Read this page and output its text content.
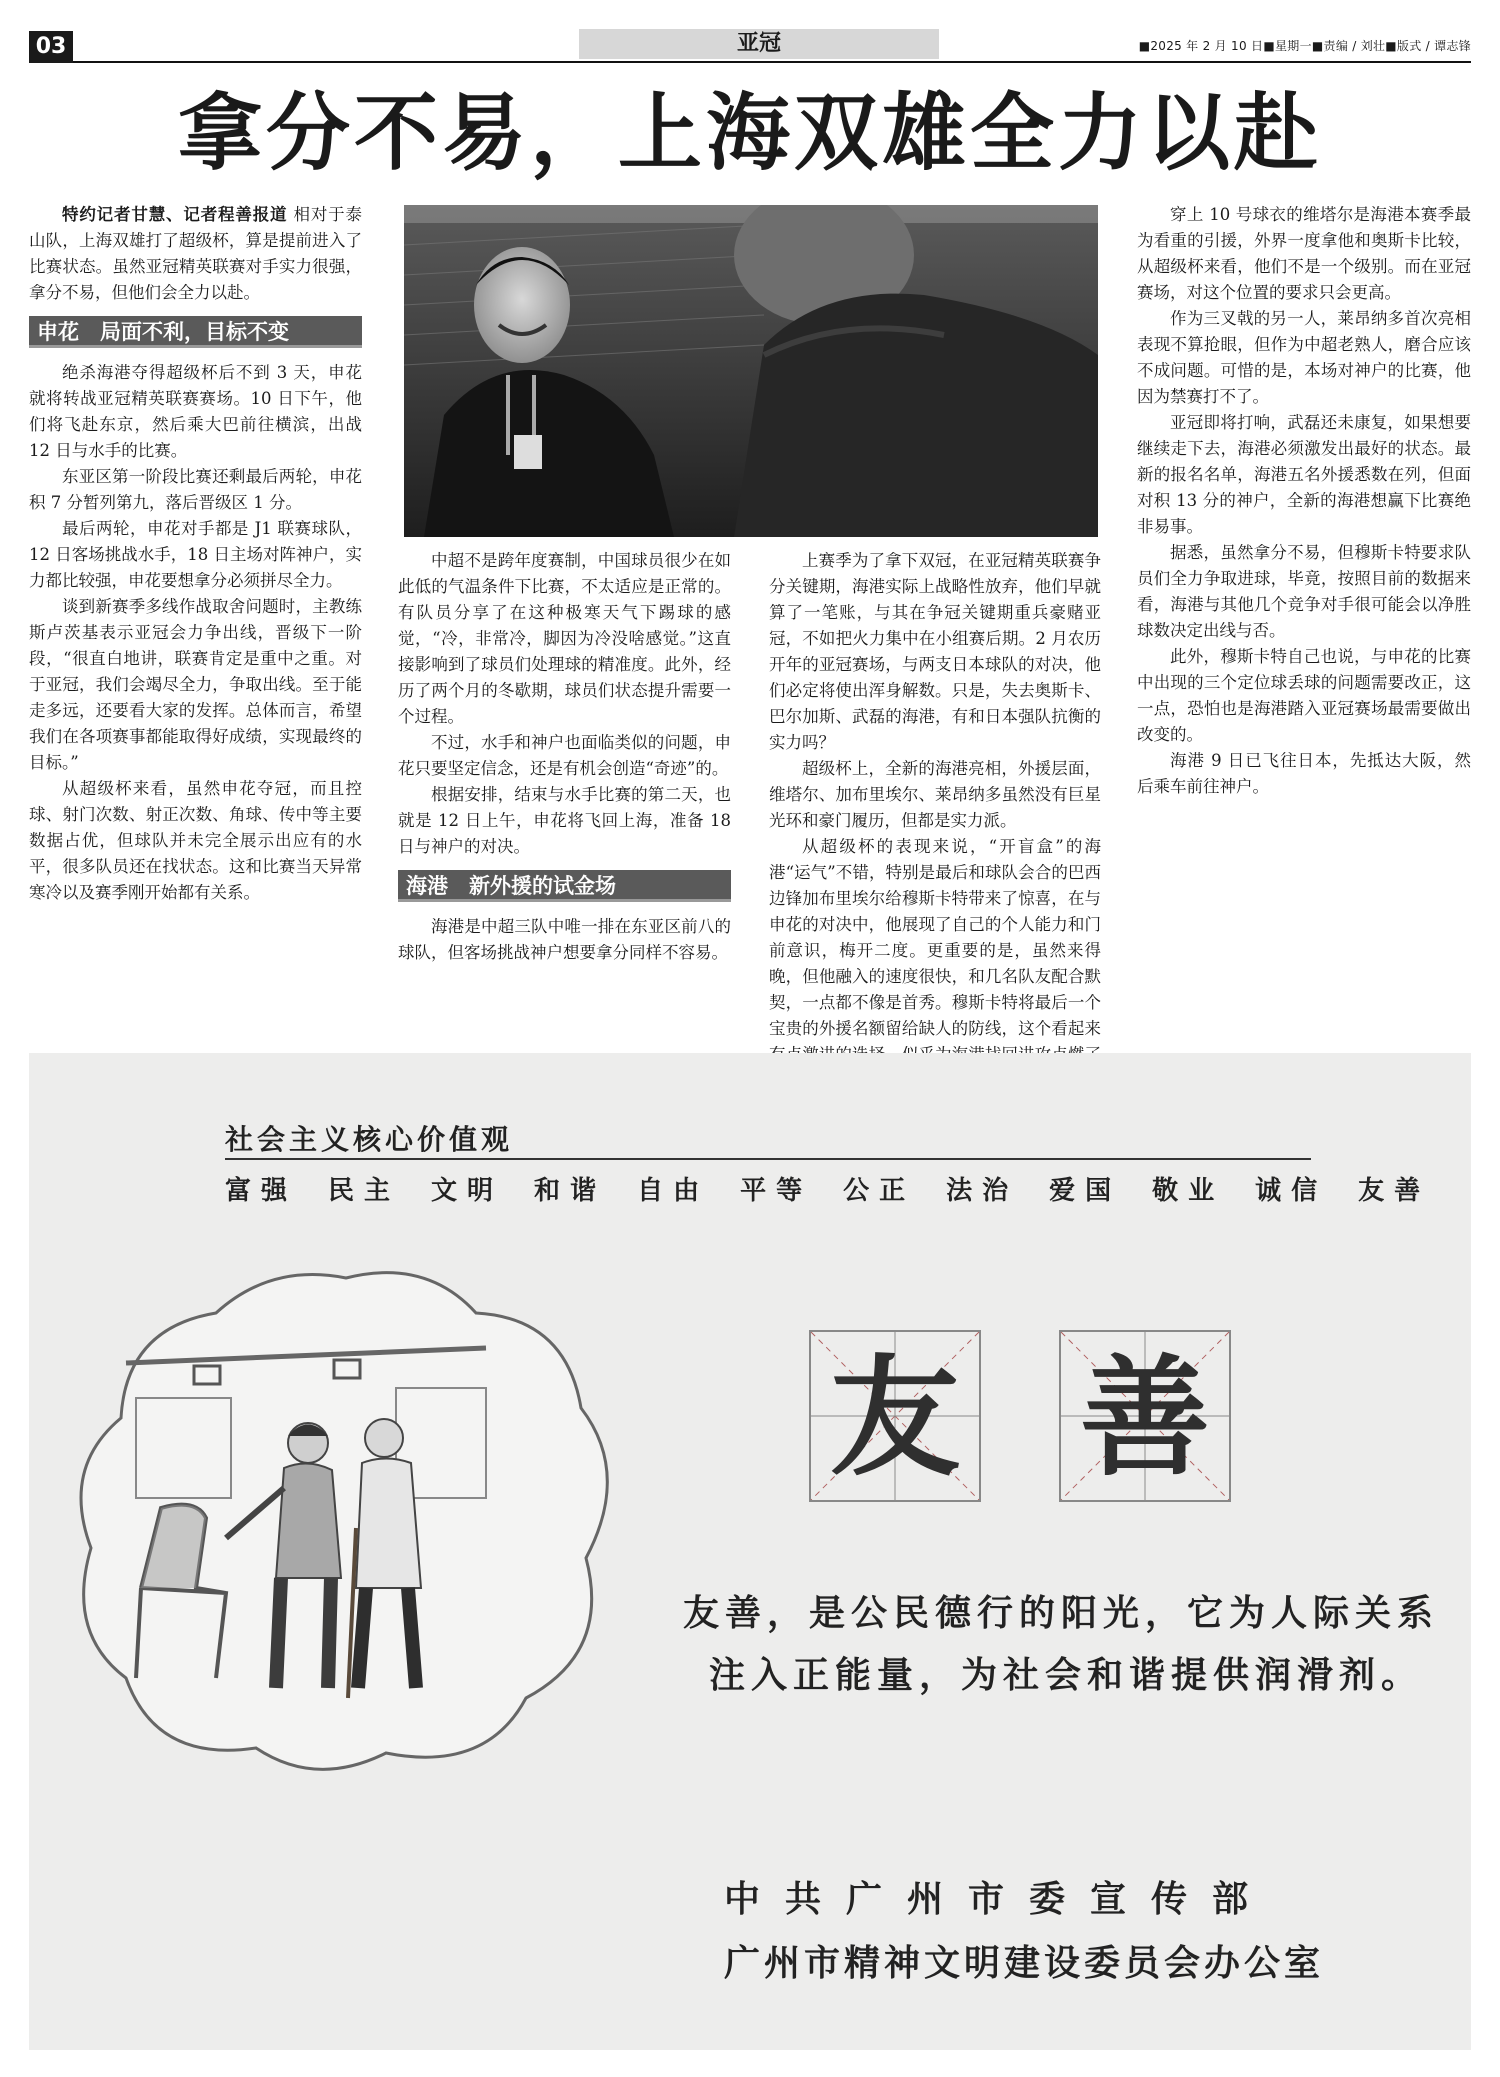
03	亚冠	■2025 年 2 月 10 日■星期一■责编 / 刘壮■版式 / 谭志锋
拿分不易，上海双雄全力以赴

特约记者甘慧、记者程善报道 相对于泰山队，上海双雄打了超级杯，算是提前进入了比赛状态。虽然亚冠精英联赛对手实力很强，拿分不易，但他们会全力以赴。

申花　局面不利，目标不变

绝杀海港夺得超级杯后不到 3 天，申花就将转战亚冠精英联赛赛场。10 日下午，他们将飞赴东京，然后乘大巴前往横滨，出战 12 日与水手的比赛。

东亚区第一阶段比赛还剩最后两轮，申花积 7 分暂列第九，落后晋级区 1 分。

最后两轮，申花对手都是 J1 联赛球队，12 日客场挑战水手，18 日主场对阵神户，实力都比较强，申花要想拿分必须拼尽全力。

谈到新赛季多线作战取舍问题时，主教练斯卢茨基表示亚冠会力争出线，晋级下一阶段，“很直白地讲，联赛肯定是重中之重。对于亚冠，我们会竭尽全力，争取出线。至于能走多远，还要看大家的发挥。总体而言，希望我们在各项赛事都能取得好成绩，实现最终的目标。”

从超级杯来看，虽然申花夺冠，而且控球、射门次数、射正次数、角球、传中等主要数据占优，但球队并未完全展示出应有的水平，很多队员还在找状态。这和比赛当天异常寒冷以及赛季刚开始都有关系。

中超不是跨年度赛制，中国球员很少在如此低的气温条件下比赛，不太适应是正常的。有队员分享了在这种极寒天气下踢球的感觉，“冷，非常冷，脚因为冷没啥感觉。”这直接影响到了球员们处理球的精准度。此外，经历了两个月的冬歇期，球员们状态提升需要一个过程。

不过，水手和神户也面临类似的问题，申花只要坚定信念，还是有机会创造“奇迹”的。

根据安排，结束与水手比赛的第二天，也就是 12 日上午，申花将飞回上海，准备 18 日与神户的对决。

海港　新外援的试金场

海港是中超三队中唯一排在东亚区前八的球队，但客场挑战神户想要拿分同样不容易。

上赛季为了拿下双冠，在亚冠精英联赛争分关键期，海港实际上战略性放弃，他们早就算了一笔账，与其在争冠关键期重兵豪赌亚冠，不如把火力集中在小组赛后期。2 月农历开年的亚冠赛场，与两支日本球队的对决，他们必定将使出浑身解数。只是，失去奥斯卡、巴尔加斯、武磊的海港，有和日本强队抗衡的实力吗？

超级杯上，全新的海港亮相，外援层面，维塔尔、加布里埃尔、莱昂纳多虽然没有巨星光环和豪门履历，但都是实力派。

从超级杯的表现来说，“开盲盒”的海港“运气”不错，特别是最后和球队会合的巴西边锋加布里埃尔给穆斯卡特带来了惊喜，在与申花的对决中，他展现了自己的个人能力和门前意识，梅开二度。更重要的是，虽然来得晚，但他融入的速度很快，和几名队友配合默契，一点都不像是首秀。穆斯卡特将最后一个宝贵的外援名额留给缺人的防线，这个看起来

穿上 10 号球衣的维塔尔是海港本赛季最为看重的引援，外界一度拿他和奥斯卡比较，从超级杯来看，他们不是一个级别。而在亚冠赛场，对这个位置的要求只会更高。

作为三叉戟的另一人，莱昂纳多首次亮相表现不算抢眼，但作为中超老熟人，磨合应该不成问题。可惜的是，本场对神户的比赛，他因为禁赛打不了。

亚冠即将打响，武磊还未康复，如果想要继续走下去，海港必须激发出最好的状态。最新的报名名单，海港五名外援悉数在列，但面对积 13 分的神户，全新的海港想赢下比赛绝非易事。

据悉，虽然拿分不易，但穆斯卡特要求队员们全力争取进球，毕竟，按照目前的数据来看，海港与其他几个竞争对手很可能会以净胜球数决定出线与否。

此外，穆斯卡特自己也说，与申花的比赛中出现的三个定位球丢球的问题需要改正，这一点，恐怕也是海港踏入亚冠赛场最需要做出改变的。

海港 9 日已飞往日本，先抵达大阪，然后乘车前往神户。

社会主义核心价值观
富强 民主 文明 和谐 自由 平等 公正 法治 爱国 敬业 诚信 友善
友 善
友善，是公民德行的阳光，它为人际关系
注入正能量，为社会和谐提供润滑剂。
中共广州市委宣传部
广州市精神文明建设委员会办公室
